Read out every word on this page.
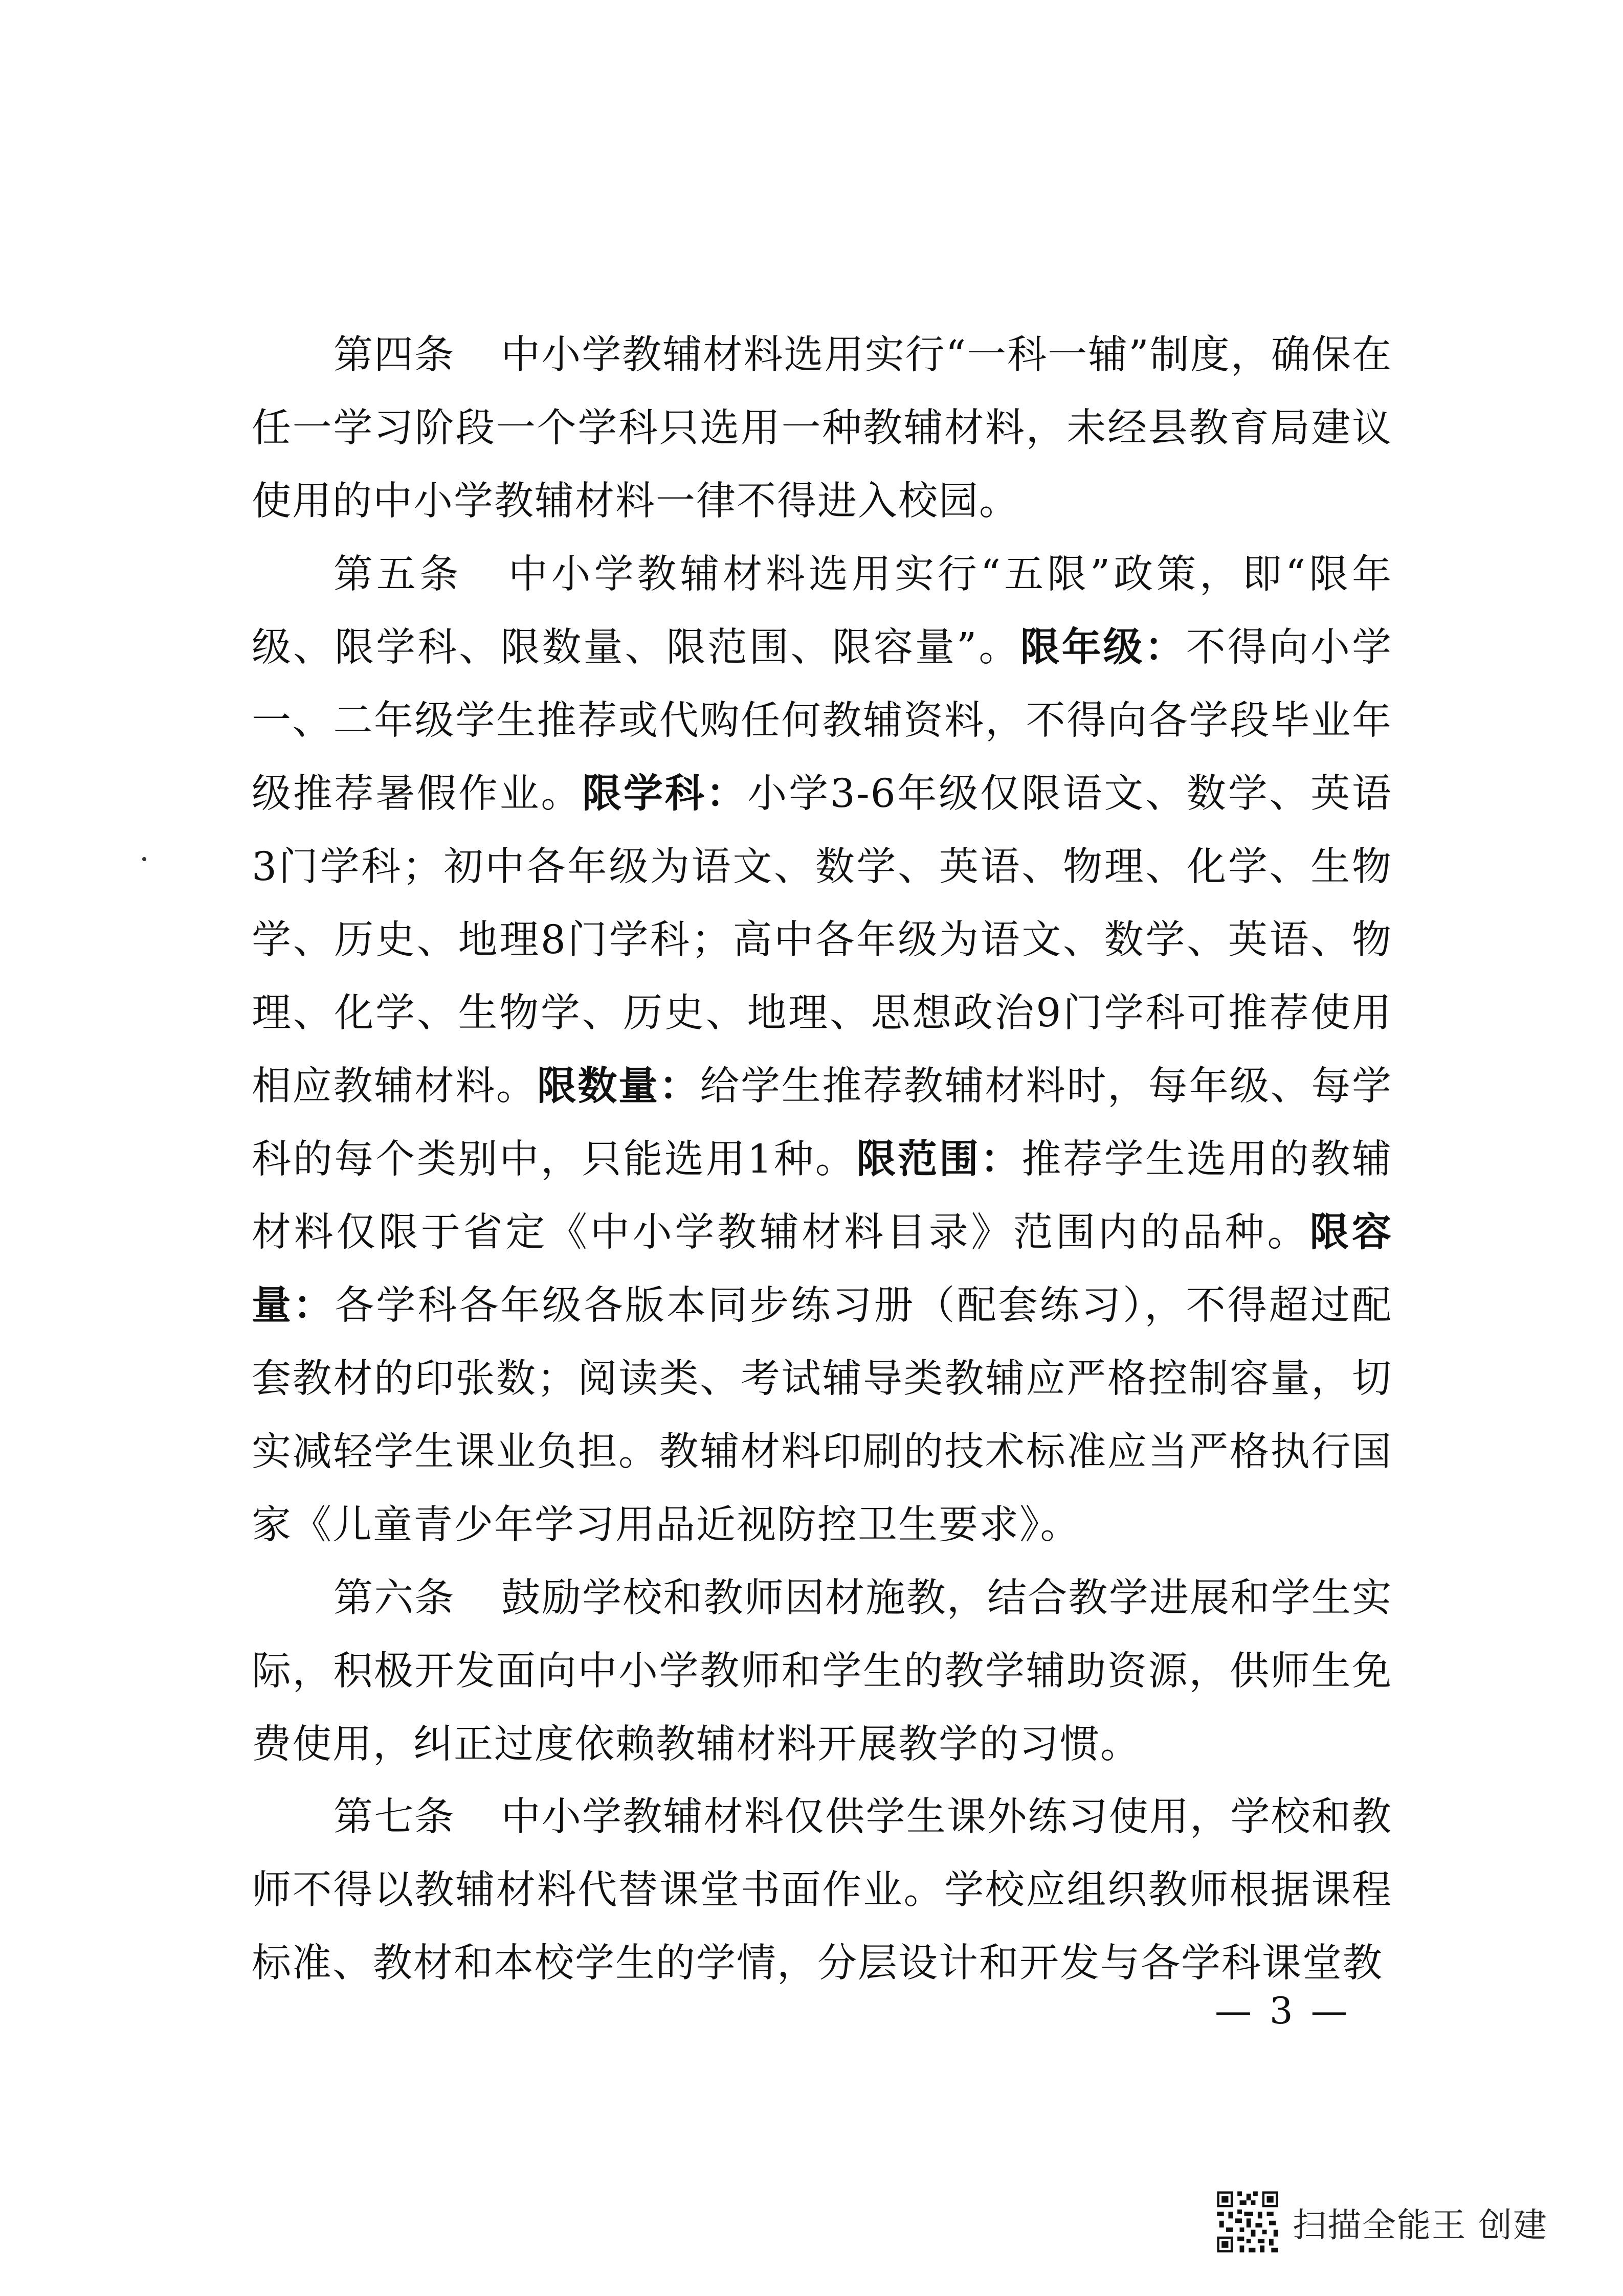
第四条 中小学教辅材料选用实行“一科一辅”制度，确保在任一学习阶段一个学科只选用一种教辅材料，未经县教育局建议使用的中小学教辅材料一律不得进入校园。

第五条 中小学教辅材料选用实行“五限”政策，即“限年级、限学科、限数量、限范围、限容量”。限年级：不得向小学一、二年级学生推荐或代购任何教辅资料，不得向各学段毕业年级推荐暑假作业。限学科：小学3-6年级仅限语文、数学、英语3门学科；初中各年级为语文、数学、英语、物理、化学、生物学、历史、地理8门学科；高中各年级为语文、数学、英语、物理、化学、生物学、历史、地理、思想政治9门学科可推荐使用相应教辅材料。限数量：给学生推荐教辅材料时，每年级、每学科的每个类别中，只能选用1种。限范围：推荐学生选用的教辅材料仅限于省定《中小学教辅材料目录》范围内的品种。限容量：各学科各年级各版本同步练习册（配套练习），不得超过配套教材的印张数；阅读类、考试辅导类教辅应严格控制容量，切实减轻学生课业负担。教辅材料印刷的技术标准应当严格执行国家《儿童青少年学习用品近视防控卫生要求》。

第六条 鼓励学校和教师因材施教，结合教学进展和学生实际，积极开发面向中小学教师和学生的教学辅助资源，供师生免费使用，纠正过度依赖教辅材料开展教学的习惯。

第七条 中小学教辅材料仅供学生课外练习使用，学校和教师不得以教辅材料代替课堂书面作业。学校应组织教师根据课程标准、教材和本校学生的学情，分层设计和开发与各学科课堂教

— 3 —
扫描全能王 创建
